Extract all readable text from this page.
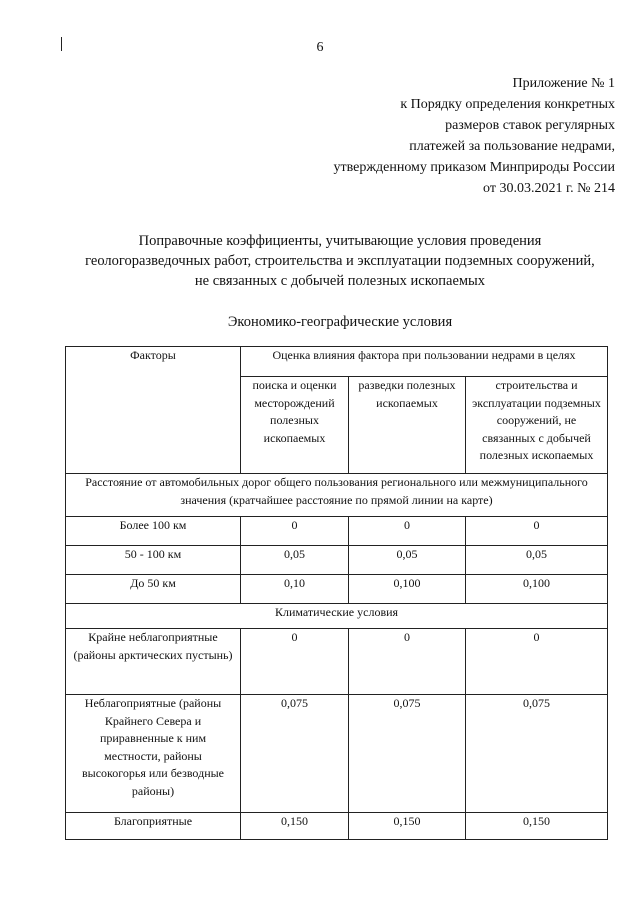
6
Приложение № 1
к Порядку определения конкретных
размеров ставок регулярных
платежей за пользование недрами,
утвержденному приказом Минприроды России
от 30.03.2021 г. № 214
Поправочные коэффициенты, учитывающие условия проведения
геологоразведочных работ, строительства и эксплуатации подземных сооружений,
не связанных с добычей полезных ископаемых
Экономико-географические условия
Факторы	Оценка влияния фактора при пользовании недрами в целях		
	поиска и оценки месторождений полезных ископаемых	разведки полезных ископаемых	строительства и эксплуатации подземных сооружений, не связанных с добычей полезных ископаемых
Расстояние от автомобильных дорог общего пользования регионального или межмуниципального значения (кратчайшее расстояние по прямой линии на карте)			
Более 100 км	0	0	0
50 - 100 км	0,05	0,05	0,05
До 50 км	0,10	0,100	0,100
Климатические условия			
Крайне неблагоприятные (районы арктических пустынь)	0	0	0
Неблагоприятные (районы Крайнего Севера и приравненные к ним местности, районы высокогорья или безводные районы)	0,075	0,075	0,075
Благоприятные	0,150	0,150	0,150
